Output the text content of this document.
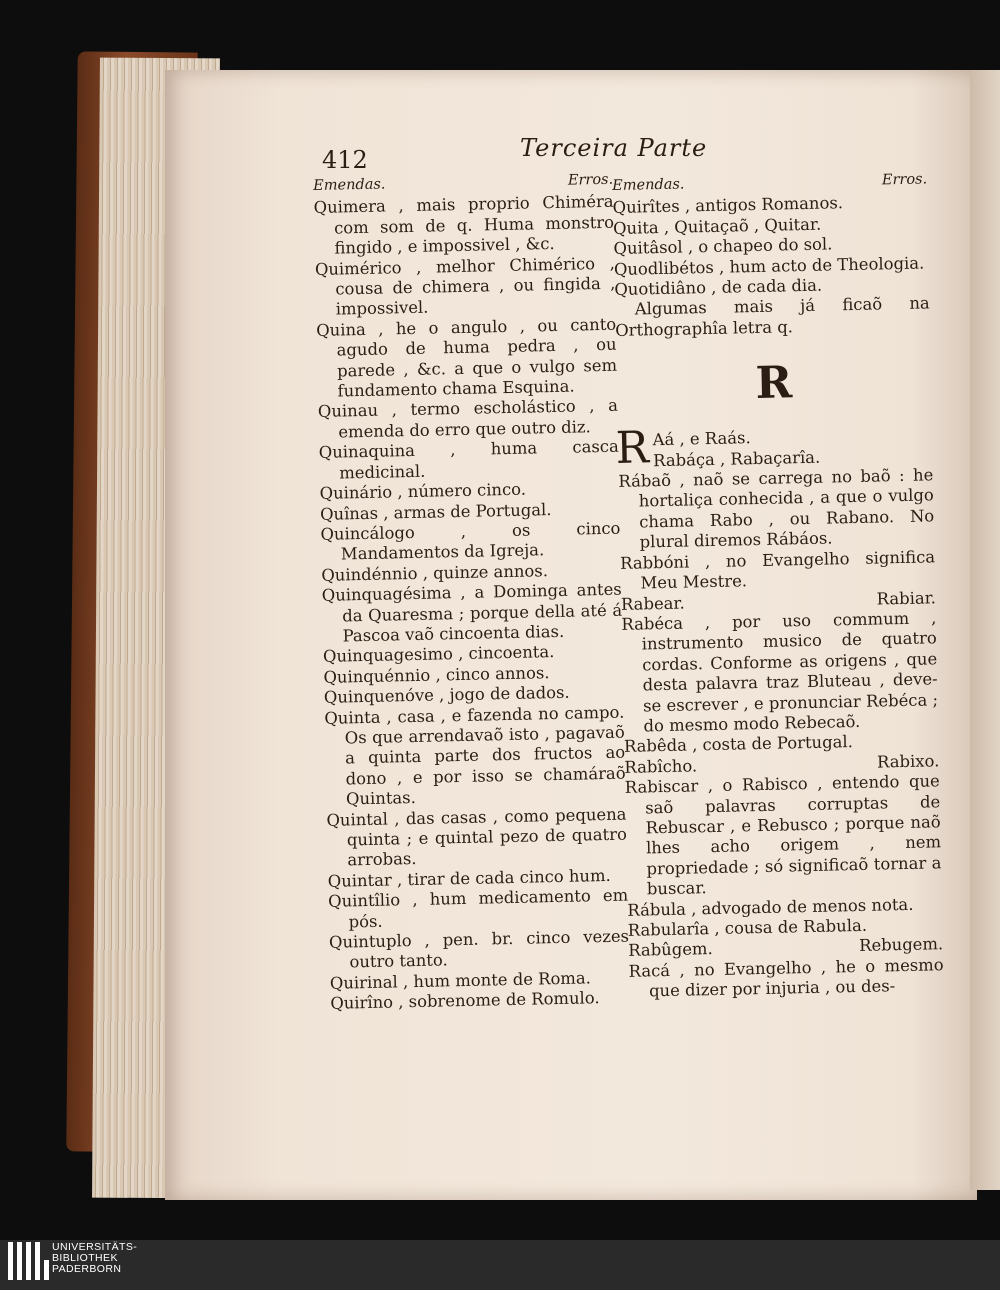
412	Terceira Parte
Emendas.	Erros.

Quimera , mais proprio Chiméra com som de q. Huma monstro fingido , e impossivel , &c.

Quimérico , melhor Chimérico , cousa de chimera , ou fingida , impossivel.

Quina , he o angulo , ou canto agudo de huma pedra , ou parede , &c. a que o vulgo sem fundamento chama Esquina.

Quinau , termo escholástico , a emenda do erro que outro diz.

Quinaquina , huma casca medicinal.

Quinário , número cinco.

Quînas , armas de Portugal.

Quincálogo , os cinco Mandamentos da Igreja.

Quindénnio , quinze annos.

Quinquagésima , a Dominga antes da Quaresma ; porque della até á Pascoa vaõ cincoenta dias.

Quinquagesimo , cincoenta.

Quinquénnio , cinco annos.

Quinquenóve , jogo de dados.

Quinta , casa , e fazenda no campo. Os que arrendavaõ isto , pagavaõ a quinta parte dos fructos ao dono , e por isso se chamáraõ Quintas.

Quintal , das casas , como pequena quinta ; e quintal pezo de quatro arrobas.

Quintar , tirar de cada cinco hum.

Quintîlio , hum medicamento em pós.

Quintuplo , pen. br. cinco vezes outro tanto.

Quirinal , hum monte de Roma.

Quirîno , sobrenome de Romulo.

Emendas.	Erros.

Quirîtes , antigos Romanos.

Quita , Quitaçaõ , Quitar.

Quitâsol , o chapeo do sol.

Quodlibétos , hum acto de Theologia.

Quotidiâno , de cada dia.

Algumas mais já ficaõ na Orthographîa letra q.

R

R Aá , e Raás.
Rabáça , Rabaçarîa.

Rábaõ , naõ se carrega no baõ : he hortaliça conhecida , a que o vulgo chama Rabo , ou Rabano. No plural diremos Rábáos.

Rabbóni , no Evangelho significa Meu Mestre.

Rabear.	Rabiar.

Rabéca , por uso commum , instrumento musico de quatro cordas. Conforme as origens , que desta palavra traz Bluteau , deve-se escrever , e pronunciar Rebéca ; do mesmo modo Rebecaõ.

Rabêda , costa de Portugal.

Rabîcho.	Rabixo.

Rabiscar , o Rabisco , entendo que saõ palavras corruptas de Rebuscar , e Rebusco ; porque naõ lhes acho origem , nem propriedade ; só significaõ tornar a buscar.

Rábula , advogado de menos nota.

Rabularîa , cousa de Rabula.

Rabûgem.	Rebugem.

Racá , no Evangelho , he o mesmo que dizer por injuria , ou des-

UNIVERSITÄTS-
BIBLIOTHEK
PADERBORN
